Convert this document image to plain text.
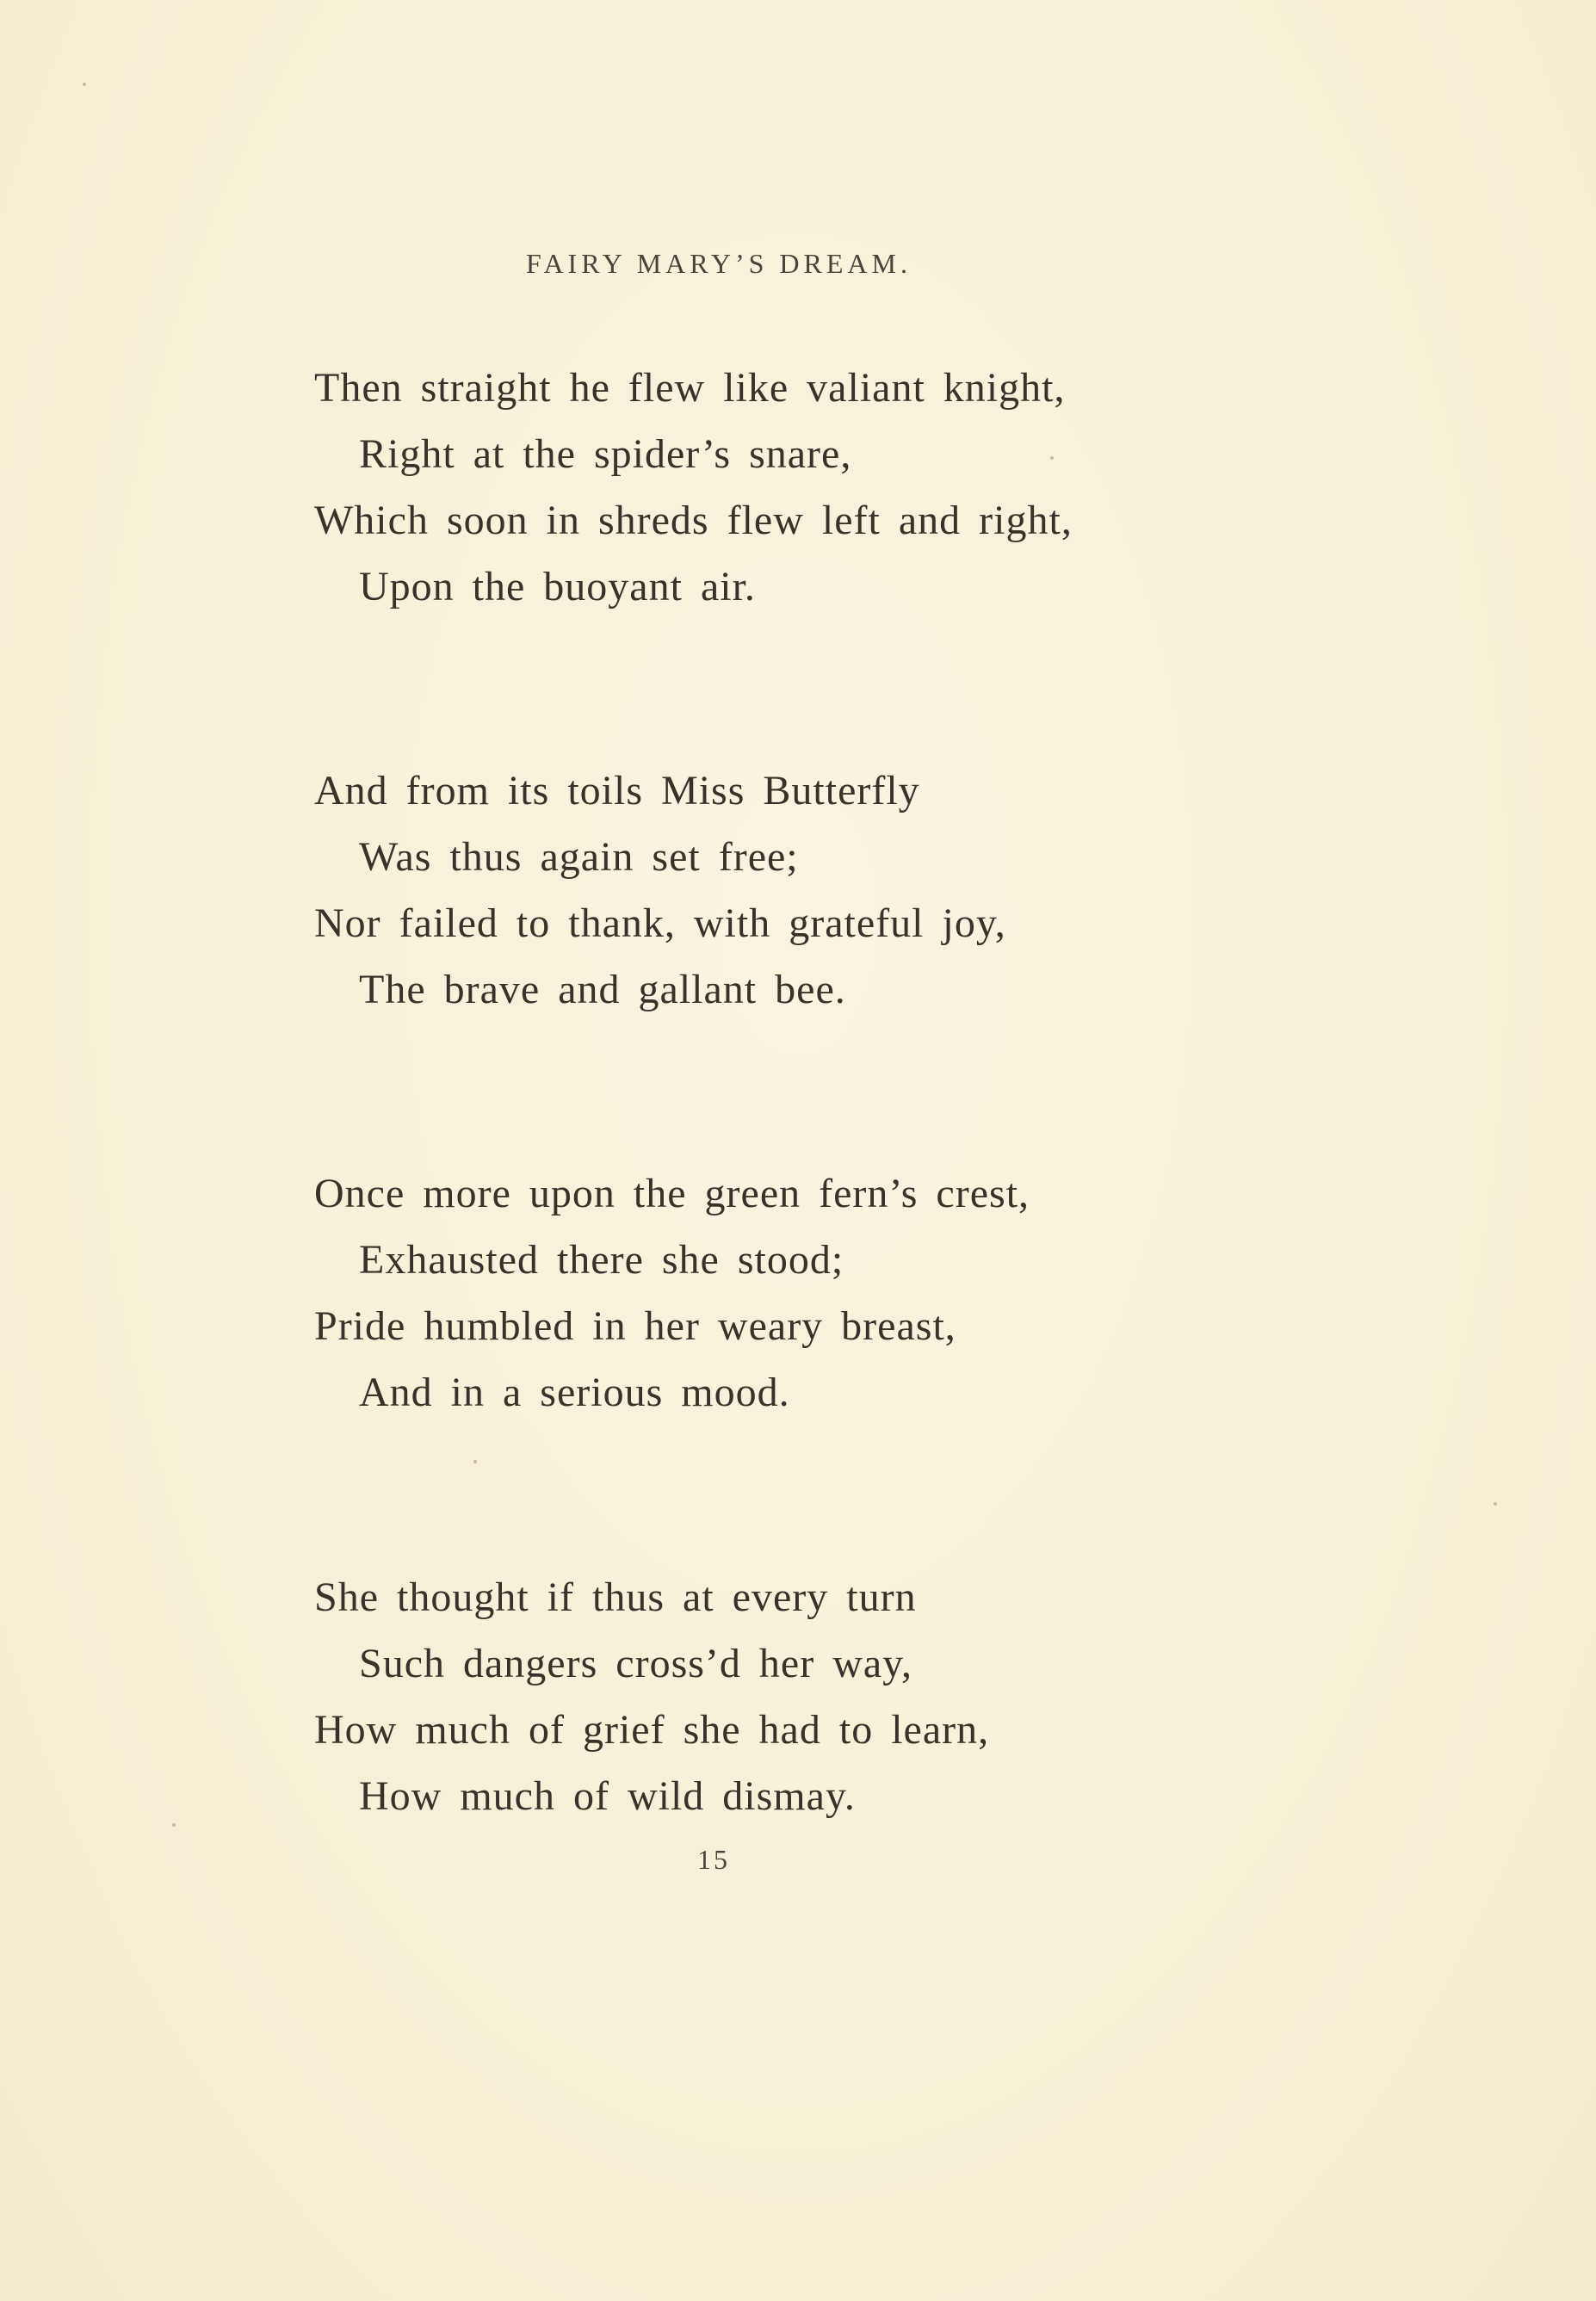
FAIRY MARY’S DREAM.
Then straight he flew like valiant knight,
Right at the spider’s snare,
Which soon in shreds flew left and right,
Upon the buoyant air.
And from its toils Miss Butterfly
Was thus again set free;
Nor failed to thank, with grateful joy,
The brave and gallant bee.
Once more upon the green fern’s crest,
Exhausted there she stood;
Pride humbled in her weary breast,
And in a serious mood.
She thought if thus at every turn
Such dangers cross’d her way,
How much of grief she had to learn,
How much of wild dismay.
15
